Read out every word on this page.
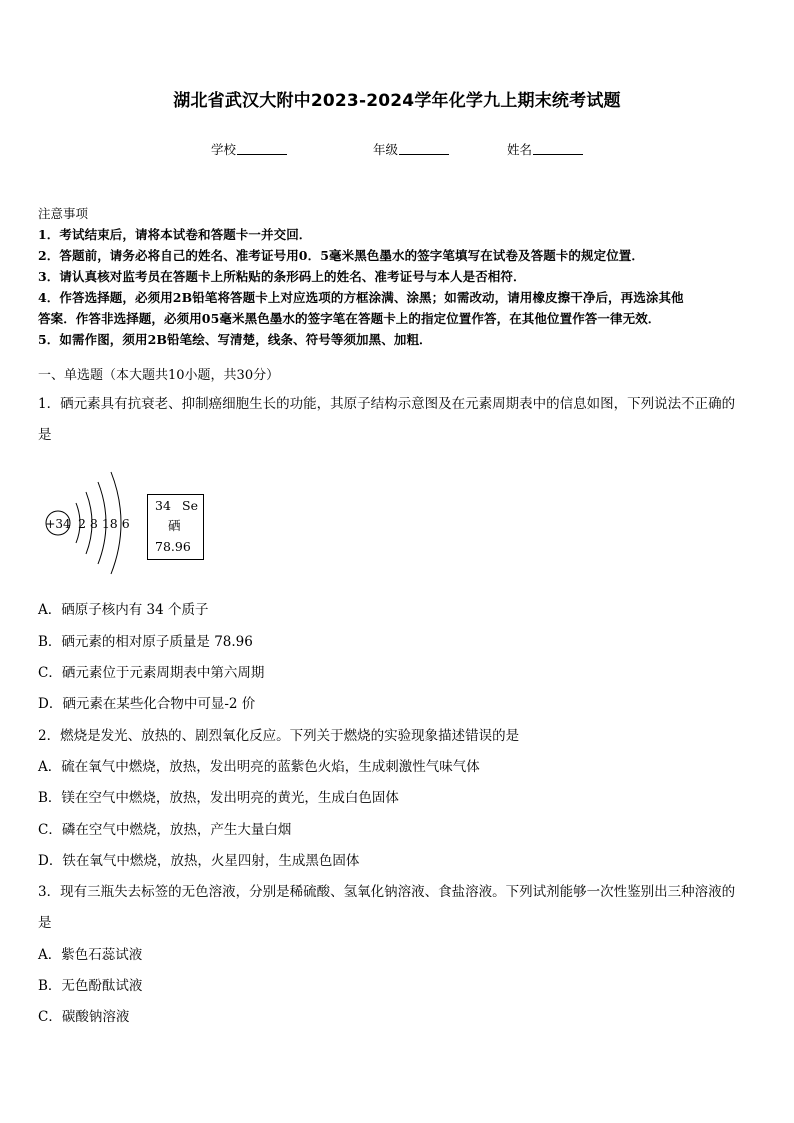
湖北省武汉大附中2023-2024学年化学九上期末统考试题
学校	年级	姓名
注意事项
1．考试结束后，请将本试卷和答题卡一并交回．
2．答题前，请务必将自己的姓名、准考证号用0．5毫米黑色墨水的签字笔填写在试卷及答题卡的规定位置．
3．请认真核对监考员在答题卡上所粘贴的条形码上的姓名、准考证号与本人是否相符．
4．作答选择题，必须用2B铅笔将答题卡上对应选项的方框涂满、涂黑；如需改动，请用橡皮擦干净后，再选涂其他
答案．作答非选择题，必须用05毫米黑色墨水的签字笔在答题卡上的指定位置作答，在其他位置作答一律无效．
5．如需作图，须用2B铅笔绘、写清楚，线条、符号等须加黑、加粗．
一、单选题（本大题共10小题，共30分）
1．硒元素具有抗衰老、抑制癌细胞生长的功能，其原子结构示意图及在元素周期表中的信息如图，下列说法不正确的
是
+34 2 8 18 6
34 Se
硒
78.96
A．硒原子核内有 34 个质子
B．硒元素的相对原子质量是 78.96
C．硒元素位于元素周期表中第六周期
D．硒元素在某些化合物中可显-2 价
2．燃烧是发光、放热的、剧烈氧化反应。下列关于燃烧的实验现象描述错误的是
A．硫在氧气中燃烧，放热，发出明亮的蓝紫色火焰，生成刺激性气味气体
B．镁在空气中燃烧，放热，发出明亮的黄光，生成白色固体
C．磷在空气中燃烧，放热，产生大量白烟
D．铁在氧气中燃烧，放热，火星四射，生成黑色固体
3．现有三瓶失去标签的无色溶液，分别是稀硫酸、氢氧化钠溶液、食盐溶液。下列试剂能够一次性鉴别出三种溶液的
是
A．紫色石蕊试液
B．无色酚酞试液
C．碳酸钠溶液
